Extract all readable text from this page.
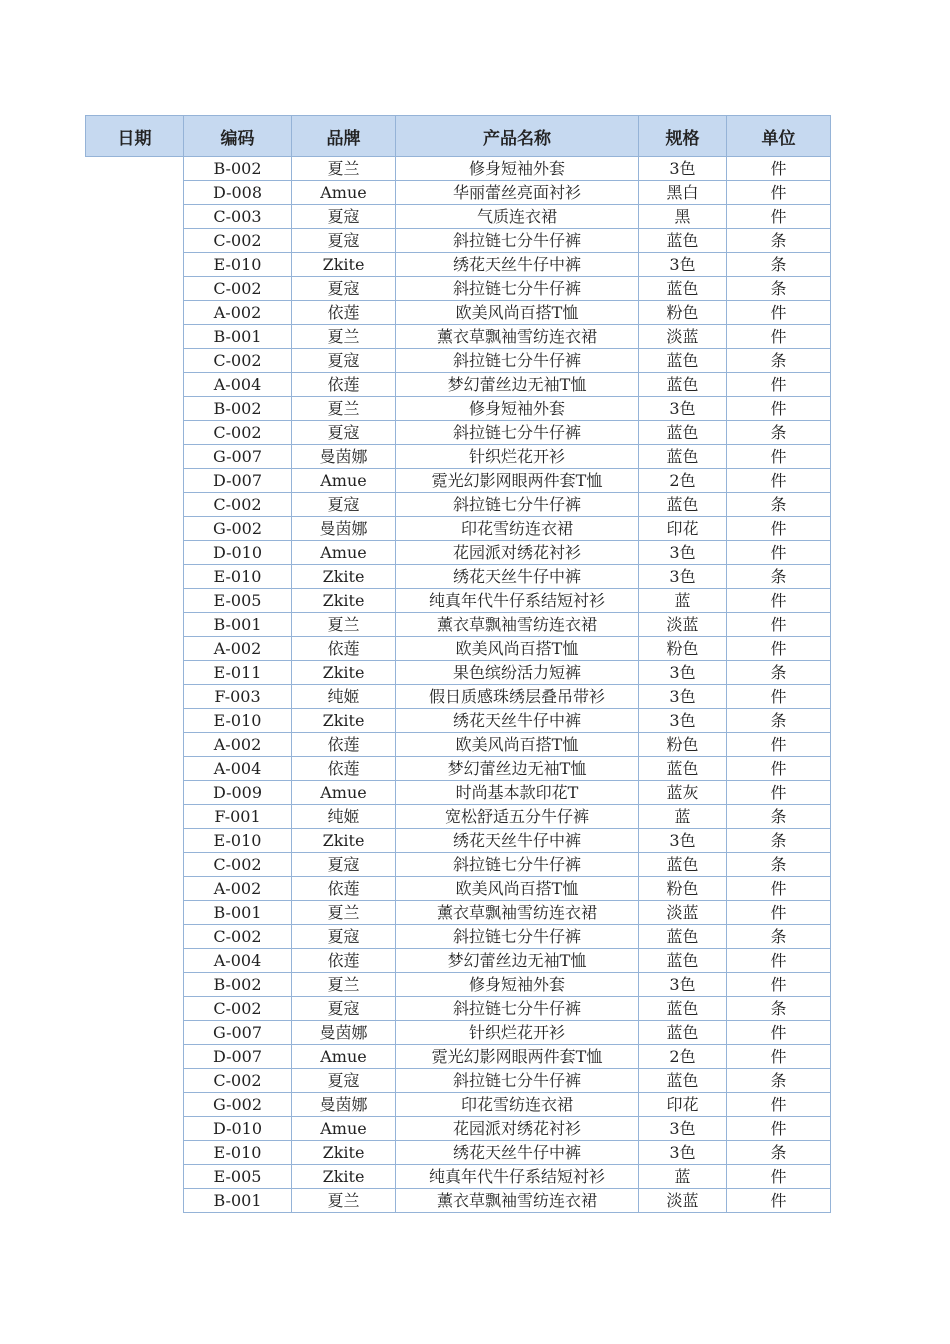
日期	编码	品牌	产品名称	规格	单位
	B-002	夏兰	修身短袖外套	3色	件
	D-008	Amue	华丽蕾丝亮面衬衫	黑白	件
	C-003	夏寇	气质连衣裙	黑	件
	C-002	夏寇	斜拉链七分牛仔裤	蓝色	条
	E-010	Zkite	绣花天丝牛仔中裤	3色	条
	C-002	夏寇	斜拉链七分牛仔裤	蓝色	条
	A-002	依莲	欧美风尚百搭T恤	粉色	件
	B-001	夏兰	薰衣草飘袖雪纺连衣裙	淡蓝	件
	C-002	夏寇	斜拉链七分牛仔裤	蓝色	条
	A-004	依莲	梦幻蕾丝边无袖T恤	蓝色	件
	B-002	夏兰	修身短袖外套	3色	件
	C-002	夏寇	斜拉链七分牛仔裤	蓝色	条
	G-007	曼茵娜	针织烂花开衫	蓝色	件
	D-007	Amue	霓光幻影网眼两件套T恤	2色	件
	C-002	夏寇	斜拉链七分牛仔裤	蓝色	条
	G-002	曼茵娜	印花雪纺连衣裙	印花	件
	D-010	Amue	花园派对绣花衬衫	3色	件
	E-010	Zkite	绣花天丝牛仔中裤	3色	条
	E-005	Zkite	纯真年代牛仔系结短衬衫	蓝	件
	B-001	夏兰	薰衣草飘袖雪纺连衣裙	淡蓝	件
	A-002	依莲	欧美风尚百搭T恤	粉色	件
	E-011	Zkite	果色缤纷活力短裤	3色	条
	F-003	纯姬	假日质感珠绣层叠吊带衫	3色	件
	E-010	Zkite	绣花天丝牛仔中裤	3色	条
	A-002	依莲	欧美风尚百搭T恤	粉色	件
	A-004	依莲	梦幻蕾丝边无袖T恤	蓝色	件
	D-009	Amue	时尚基本款印花T	蓝灰	件
	F-001	纯姬	宽松舒适五分牛仔裤	蓝	条
	E-010	Zkite	绣花天丝牛仔中裤	3色	条
	C-002	夏寇	斜拉链七分牛仔裤	蓝色	条
	A-002	依莲	欧美风尚百搭T恤	粉色	件
	B-001	夏兰	薰衣草飘袖雪纺连衣裙	淡蓝	件
	C-002	夏寇	斜拉链七分牛仔裤	蓝色	条
	A-004	依莲	梦幻蕾丝边无袖T恤	蓝色	件
	B-002	夏兰	修身短袖外套	3色	件
	C-002	夏寇	斜拉链七分牛仔裤	蓝色	条
	G-007	曼茵娜	针织烂花开衫	蓝色	件
	D-007	Amue	霓光幻影网眼两件套T恤	2色	件
	C-002	夏寇	斜拉链七分牛仔裤	蓝色	条
	G-002	曼茵娜	印花雪纺连衣裙	印花	件
	D-010	Amue	花园派对绣花衬衫	3色	件
	E-010	Zkite	绣花天丝牛仔中裤	3色	条
	E-005	Zkite	纯真年代牛仔系结短衬衫	蓝	件
	B-001	夏兰	薰衣草飘袖雪纺连衣裙	淡蓝	件
